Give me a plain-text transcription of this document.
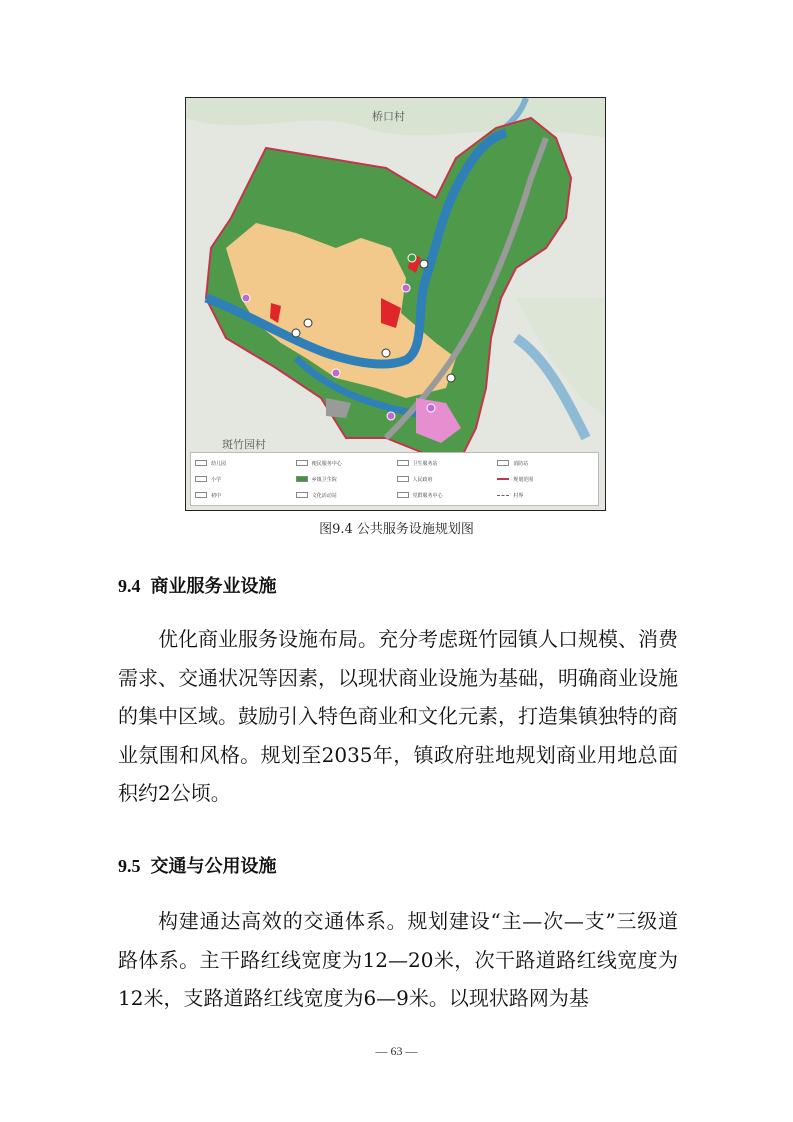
桥口村
斑竹园村
幼儿园	便民服务中心	卫生服务站	消防站
小学	乡镇卫生院	人民政府	规划范围
初中	文化活动站	党群服务中心	村界
图9.4 公共服务设施规划图
9.4 商业服务业设施

优化商业服务设施布局。充分考虑斑竹园镇人口规模、消费需求、交通状况等因素，以现状商业设施为基础，明确商业设施的集中区域。鼓励引入特色商业和文化元素，打造集镇独特的商业氛围和风格。规划至2035年，镇政府驻地规划商业用地总面积约2公顷。

9.5 交通与公用设施

构建通达高效的交通体系。规划建设“主—次—支”三级道路体系。主干路红线宽度为12—20米，次干路道路红线宽度为12米，支路道路红线宽度为6—9米。以现状路网为基

— 63 —
